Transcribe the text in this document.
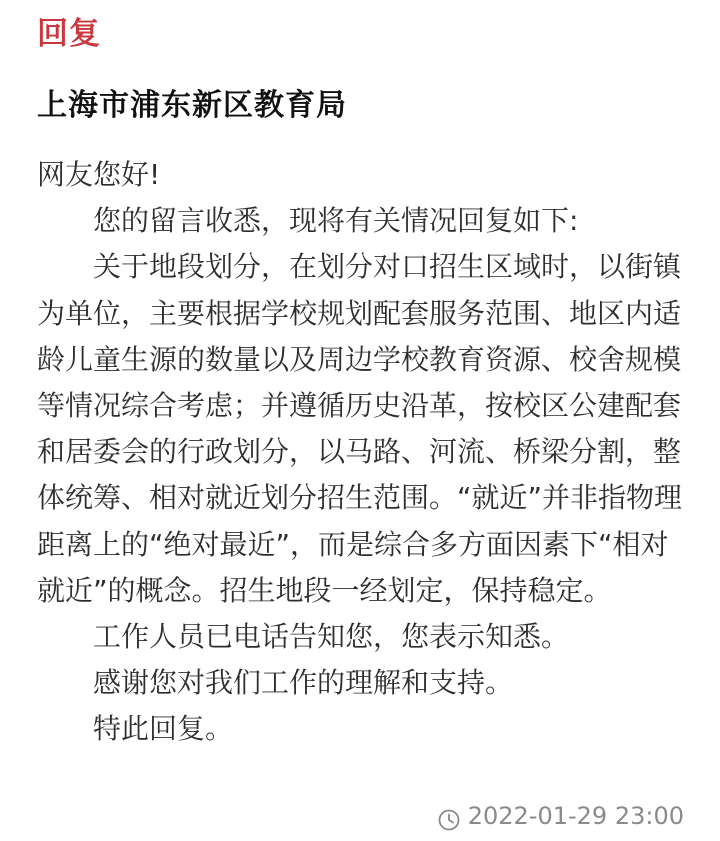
回复
上海市浦东新区教育局

网友您好!

您的留言收悉，现将有关情况回复如下:

关于地段划分，在划分对口招生区域时，以街镇为单位，主要根据学校规划配套服务范围、地区内适龄儿童生源的数量以及周边学校教育资源、校舍规模等情况综合考虑；并遵循历史沿革，按校区公建配套和居委会的行政划分，以马路、河流、桥梁分割，整体统筹、相对就近划分招生范围。“就近”并非指物理距离上的“绝对最近”，而是综合多方面因素下“相对就近”的概念。招生地段一经划定，保持稳定。

工作人员已电话告知您，您表示知悉。

感谢您对我们工作的理解和支持。

特此回复。

2022-01-29 23:00
